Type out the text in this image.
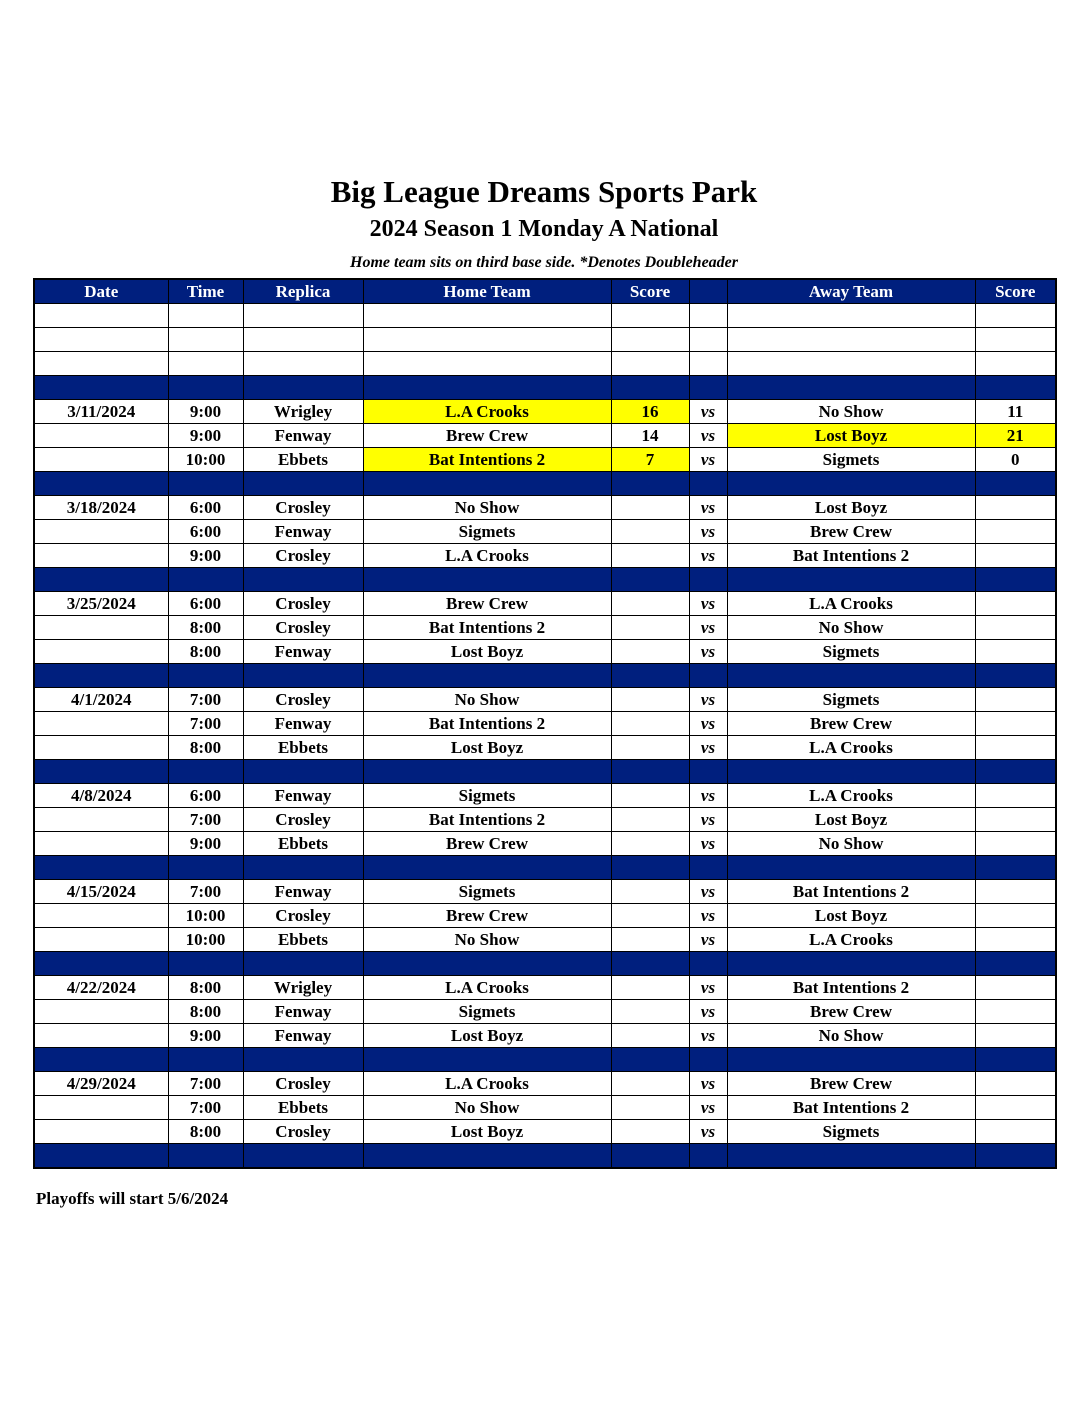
Big League Dreams Sports Park
2024 Season 1 Monday A National
Home team sits on third base side. *Denotes Doubleheader
Date	Time	Replica	Home Team	Score		Away Team	Score

3/11/2024	9:00	Wrigley	L.A Crooks	16	vs	No Show	11
	9:00	Fenway	Brew Crew	14	vs	Lost Boyz	21
	10:00	Ebbets	Bat Intentions 2	7	vs	Sigmets	0

3/18/2024	6:00	Crosley	No Show		vs	Lost Boyz	
	6:00	Fenway	Sigmets		vs	Brew Crew	
	9:00	Crosley	L.A Crooks		vs	Bat Intentions 2	

3/25/2024	6:00	Crosley	Brew Crew		vs	L.A Crooks	
	8:00	Crosley	Bat Intentions 2		vs	No Show	
	8:00	Fenway	Lost Boyz		vs	Sigmets	

4/1/2024	7:00	Crosley	No Show		vs	Sigmets	
	7:00	Fenway	Bat Intentions 2		vs	Brew Crew	
	8:00	Ebbets	Lost Boyz		vs	L.A Crooks	

4/8/2024	6:00	Fenway	Sigmets		vs	L.A Crooks	
	7:00	Crosley	Bat Intentions 2		vs	Lost Boyz	
	9:00	Ebbets	Brew Crew		vs	No Show	

4/15/2024	7:00	Fenway	Sigmets		vs	Bat Intentions 2	
	10:00	Crosley	Brew Crew		vs	Lost Boyz	
	10:00	Ebbets	No Show		vs	L.A Crooks	

4/22/2024	8:00	Wrigley	L.A Crooks		vs	Bat Intentions 2	
	8:00	Fenway	Sigmets		vs	Brew Crew	
	9:00	Fenway	Lost Boyz		vs	No Show	

4/29/2024	7:00	Crosley	L.A Crooks		vs	Brew Crew	
	7:00	Ebbets	No Show		vs	Bat Intentions 2	
	8:00	Crosley	Lost Boyz		vs	Sigmets	

Playoffs will start 5/6/2024
